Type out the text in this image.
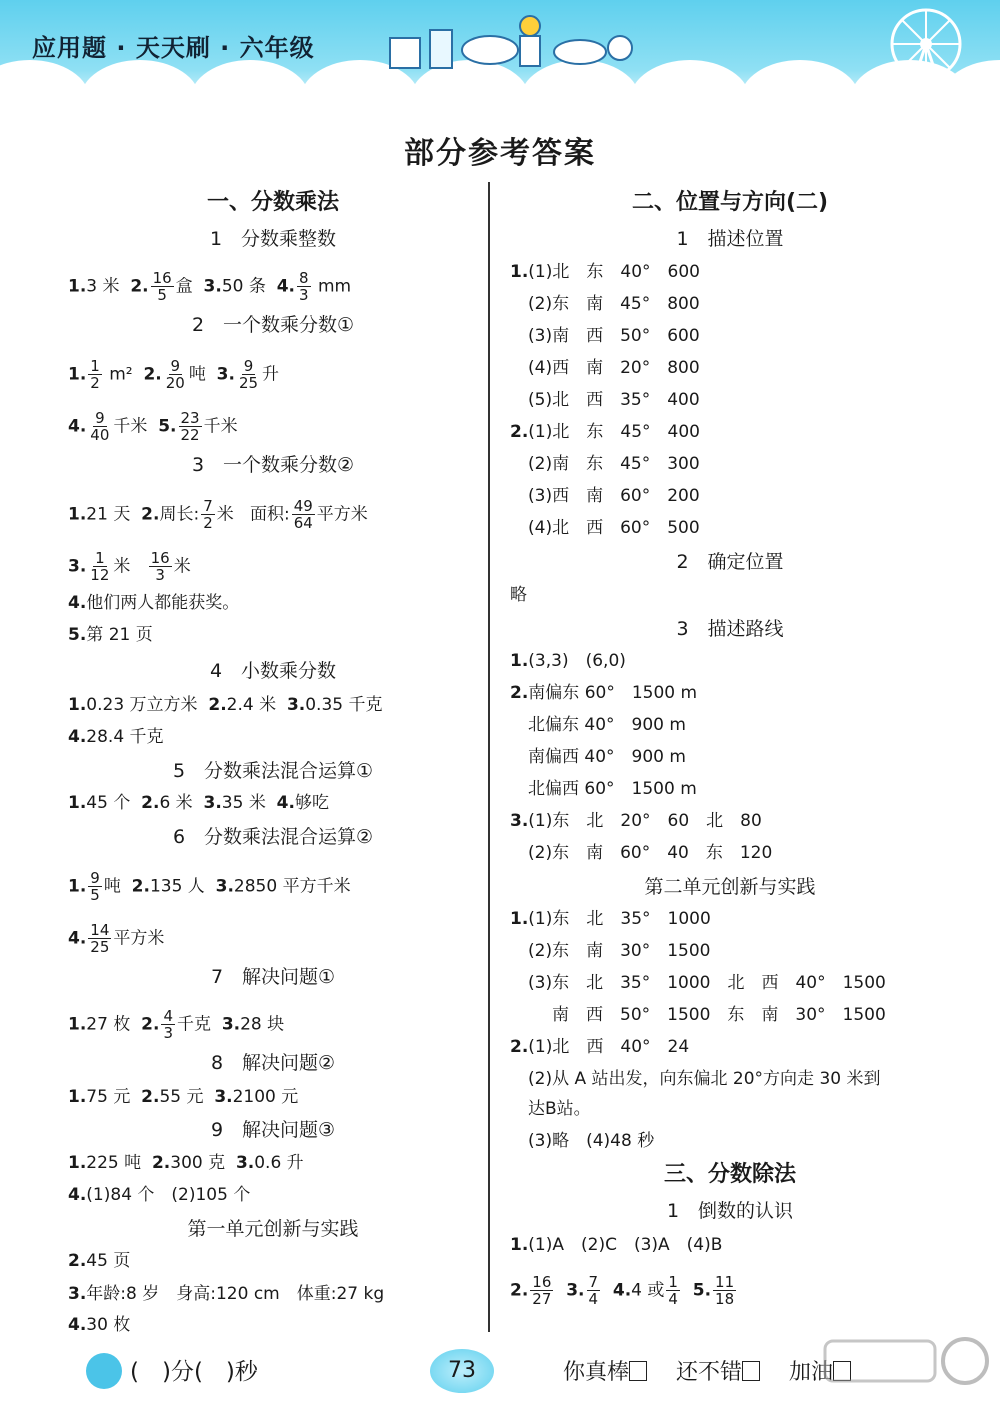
应用题 · 天天刷 · 六年级
部分参考答案
一、分数乘法
1　分数乘整数
1.3 米 2. $\frac{16}{5}$ 盒 3.50 条 4. $\frac{8}{3}$ mm
2　一个数乘分数①
1. $\frac{1}{2} m^2$ 2. $\frac{9}{20}$ 吨 3. $\frac{9}{25}$ 升
4. $\frac{9}{40}$ 千米 5. $\frac{23}{22}$ 千米
3　一个数乘分数②
1.21 天 2.周长: $\frac{7}{2}$ 米 面积: $\frac{49}{64}$ 平方米
3. $\frac{1}{12}$ 米 $\frac{16}{3}$ 米
4.他们两人都能获奖。
5.第 21 页
4　小数乘分数
1.0.23 万立方米 2.2.4 米 3.0.35 千克
4.28.4 千克
5　分数乘法混合运算①
1.45 个 2.6 米 3.35 米 4.够吃
6　分数乘法混合运算②
1. $\frac{9}{5}$ 吨 2.135 人 3.2850 平方千米
4. $\frac{14}{25}$ 平方米
7　解决问题①
1.27 枚 2. $\frac{4}{3}$ 千克 3.28 块
8　解决问题②
1.75 元 2.55 元 3.2100 元
9　解决问题③
1.225 吨 2.300 克 3.0.6 升
4.(1)84 个　(2)105 个
第一单元创新与实践
2.45 页
3.年龄:8 岁　身高:120 cm　体重:27 kg
4.30 枚
二、位置与方向(二)
1　描述位置
1.(1)北　东　40°　600
(2)东　南　45°　800
(3)南　西　50°　600
(4)西　南　20°　800
(5)北　西　35°　400
2.(1)北　东　45°　400
(2)南　东　45°　300
(3)西　南　60°　200
(4)北　西　60°　500
2　确定位置
略
3　描述路线
1.(3,3)　(6,0)
2.南偏东 60°　1500 m
北偏东 40°　900 m
南偏西 40°　900 m
北偏西 60°　1500 m
3.(1)东　北　20°　60　北　80
(2)东　南　60°　40　东　120
第二单元创新与实践
1.(1)东　北　35°　1000
(2)东　南　30°　1500
(3)东　北　35°　1000　北　西　40°　1500
南　西　50°　1500　东　南　30°　1500
2.(1)北　西　40°　24
(2)从 A 站出发，向东偏北 20°方向走 30 米到
达B站。
(3)略　(4)48 秒
三、分数除法
1　倒数的认识
1.(1)A　(2)C　(3)A　(4)B
2. $\frac{16}{27} 3$. $\frac{7}{4} 4.4$ 或 $\frac{1}{4} 5$. $\frac{11}{18}$
(　)分(　)秒	73	你真棒 还不错 加油
